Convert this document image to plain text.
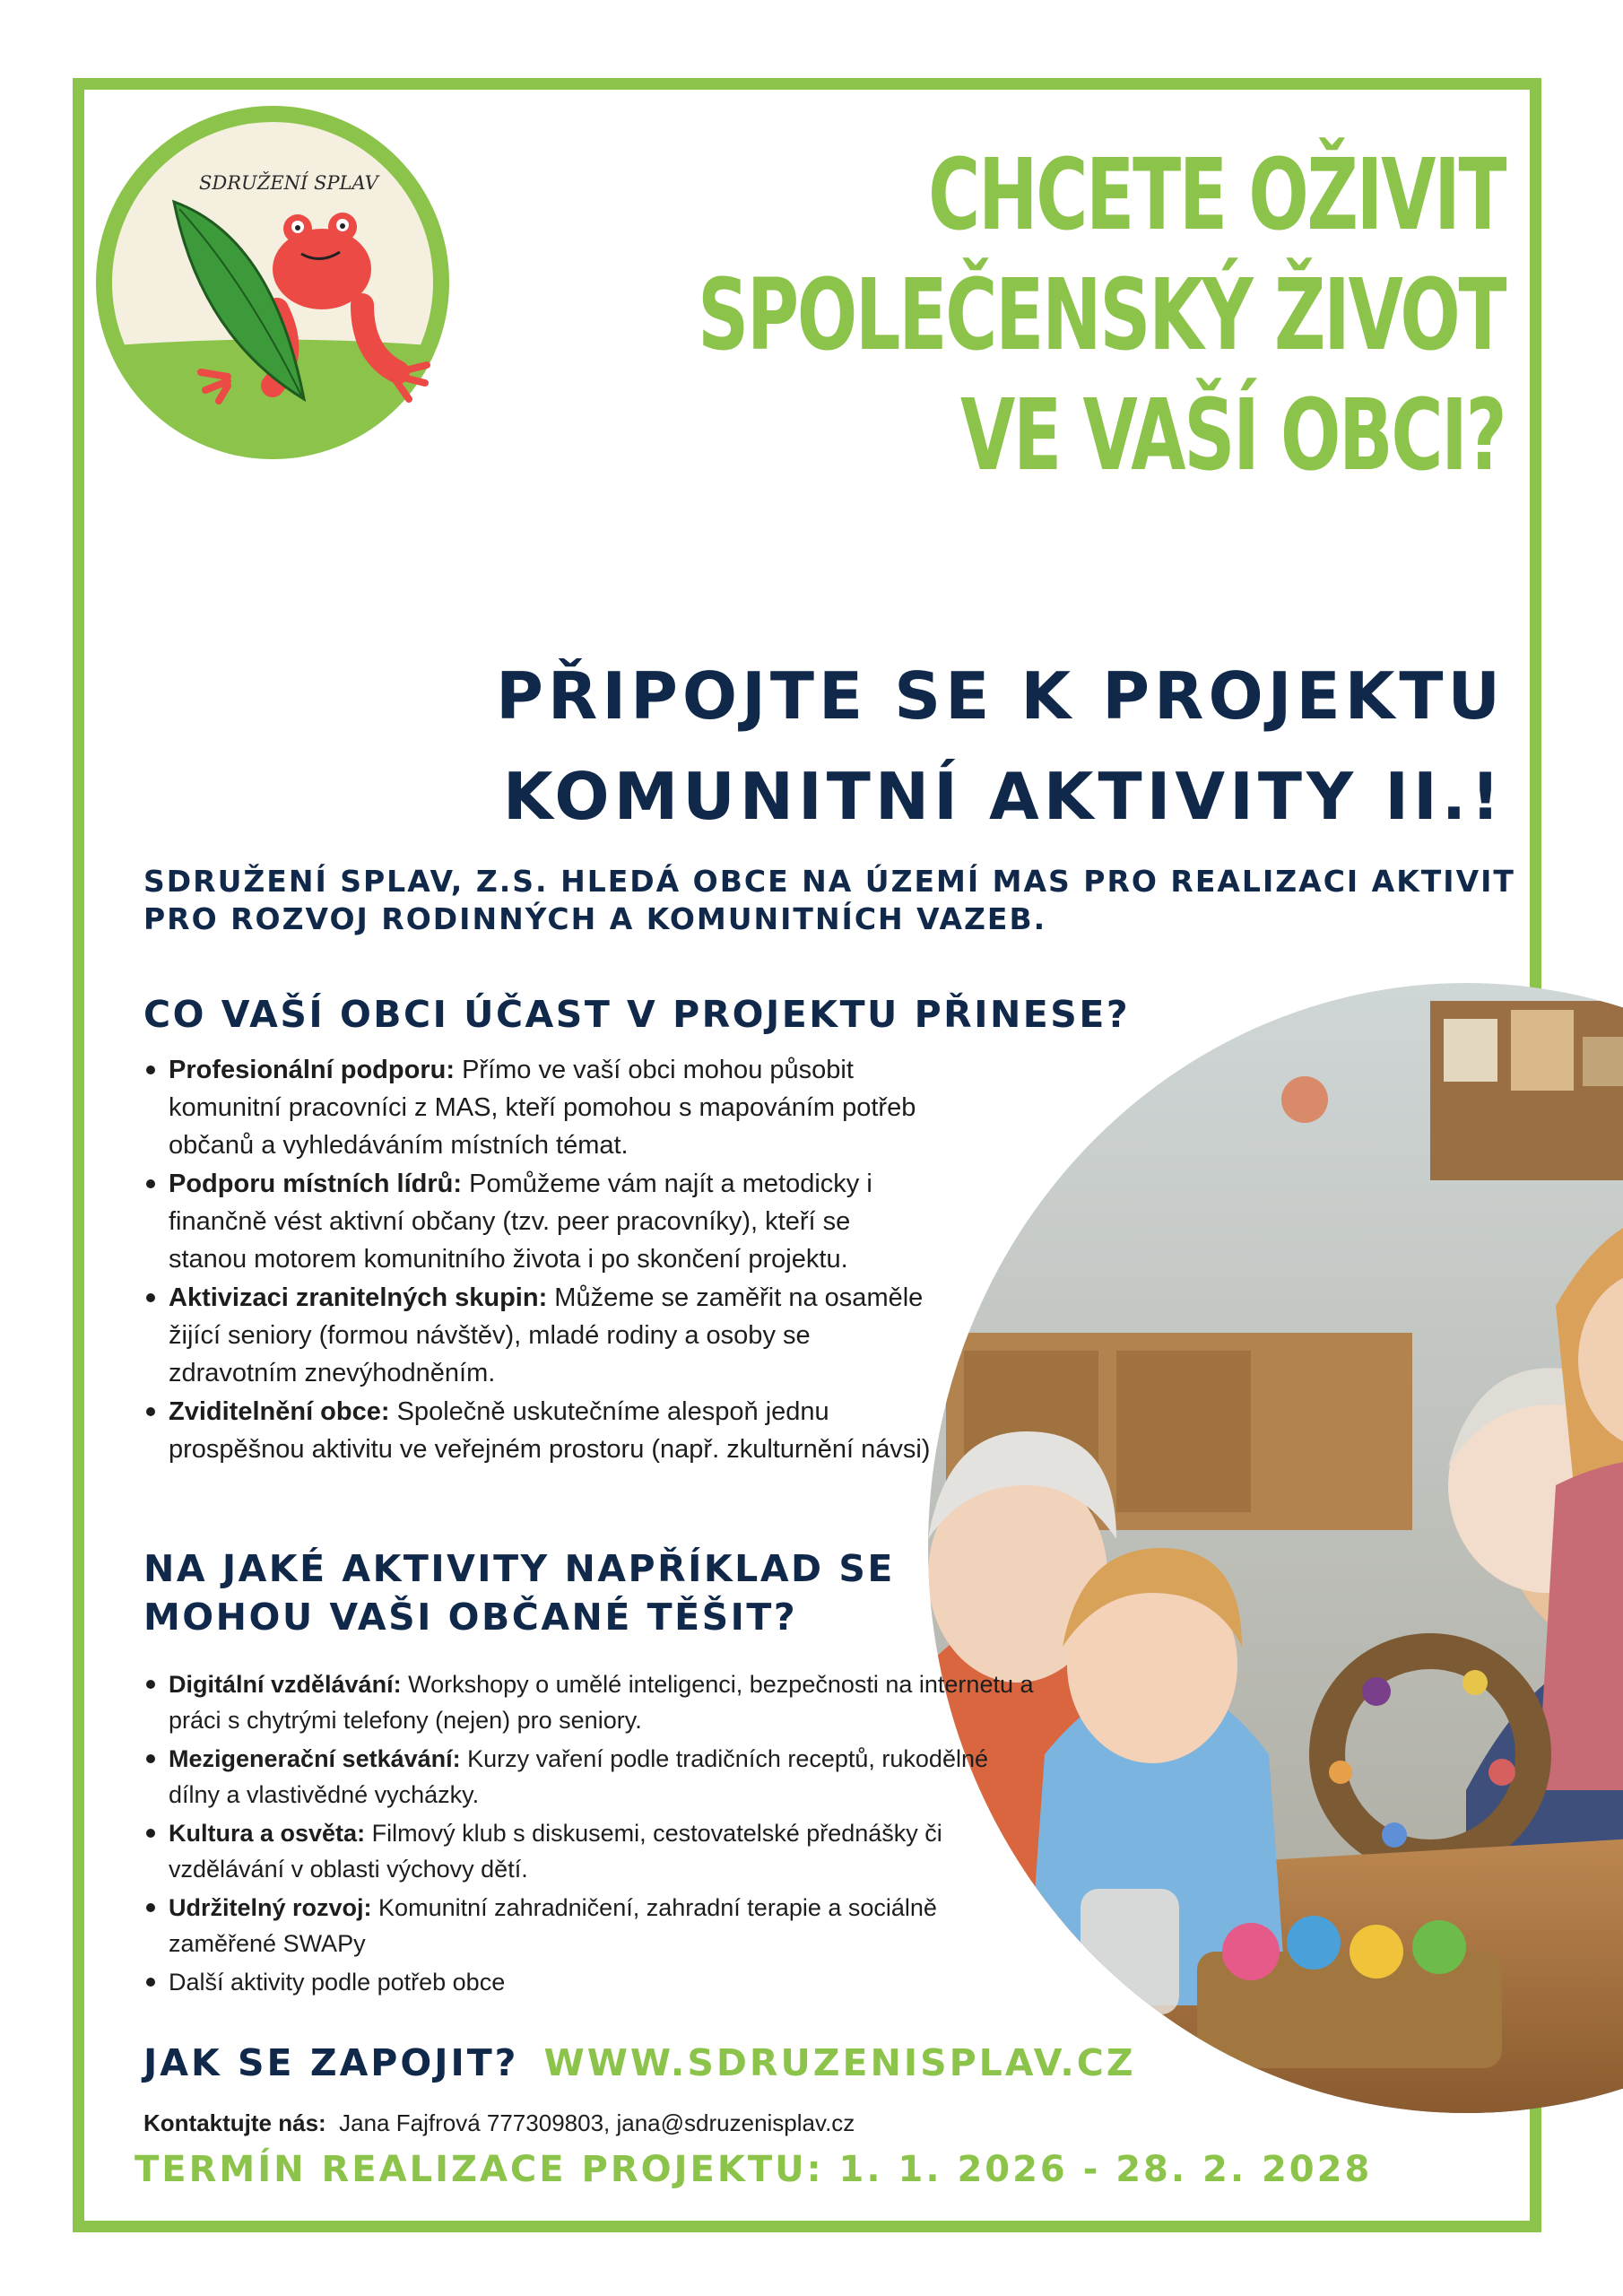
SDRUŽENÍ SPLAV	CHCETE OŽIVIT
SPOLEČENSKÝ ŽIVOT
VE VAŠÍ OBCI?
PŘIPOJTE SE K PROJEKTU
KOMUNITNÍ AKTIVITY II.!

SDRUŽENÍ SPLAV, Z.S. HLEDÁ OBCE NA ÚZEMÍ MAS PRO REALIZACI AKTIVIT
PRO ROZVOJ RODINNÝCH A KOMUNITNÍCH VAZEB.

CO VAŠÍ OBCI ÚČAST V PROJEKTU PŘINESE?
Profesionální podporu: Přímo ve vaší obci mohou působit komunitní pracovníci z MAS, kteří pomohou s mapováním potřeb občanů a vyhledáváním místních témat.
Podporu místních lídrů: Pomůžeme vám najít a metodicky i finančně vést aktivní občany (tzv. peer pracovníky), kteří se stanou motorem komunitního života i po skončení projektu.
Aktivizaci zranitelných skupin: Můžeme se zaměřit na osaměle žijící seniory (formou návštěv), mladé rodiny a osoby se zdravotním znevýhodněním.
Zviditelnění obce: Společně uskutečníme alespoň jednu prospěšnou aktivitu ve veřejném prostoru (např. zkulturnění návsi)
NA JAKÉ AKTIVITY NAPŘÍKLAD SE
MOHOU VAŠI OBČANÉ TĚŠIT?
Digitální vzdělávání: Workshopy o umělé inteligenci, bezpečnosti na internetu a práci s chytrými telefony (nejen) pro seniory.
Mezigenerační setkávání: Kurzy vaření podle tradičních receptů, rukodělné dílny a vlastivědné vycházky.
Kultura a osvěta: Filmový klub s diskusemi, cestovatelské přednášky či vzdělávání v oblasti výchovy dětí.
Udržitelný rozvoj: Komunitní zahradničení, zahradní terapie a sociálně zaměřené SWAPy
Další aktivity podle potřeb obce

JAK SE ZAPOJIT? WWW.SDRUZENISPLAV.CZ

Kontaktujte nás: Jana Fajfrová 777309803, jana@sdruzenisplav.cz

TERMÍN REALIZACE PROJEKTU: 1. 1. 2026 - 28. 2. 2028
